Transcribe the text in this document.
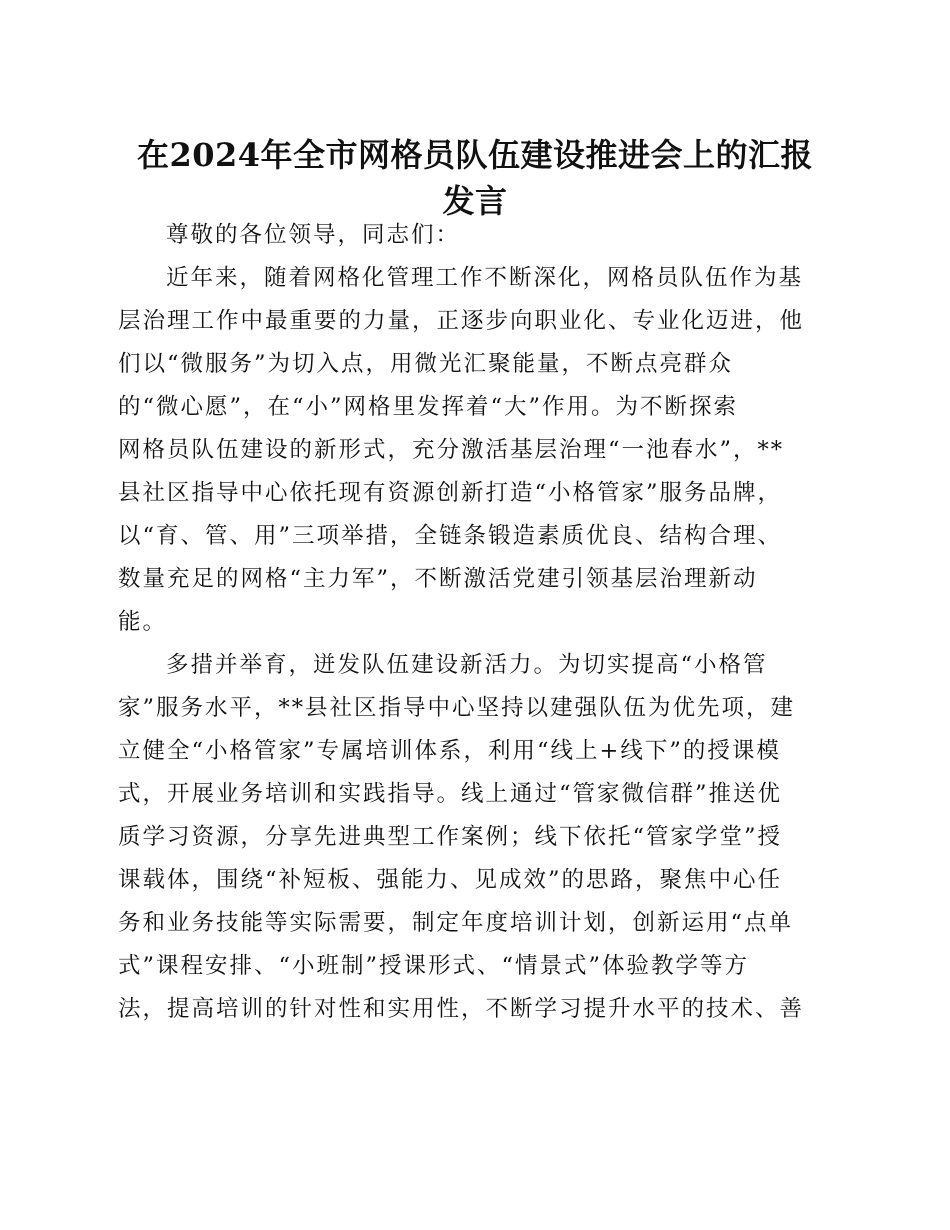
在2024年全市网格员队伍建设推进会上的汇报
发言
尊敬的各位领导，同志们：
近年来，随着网格化管理工作不断深化，网格员队伍作为基
层治理工作中最重要的力量，正逐步向职业化、专业化迈进，他
们以“微服务”为切入点，用微光汇聚能量，不断点亮群众
的“微心愿”，在“小”网格里发挥着“大”作用。为不断探索
网格员队伍建设的新形式，充分激活基层治理“一池春水”，**
县社区指导中心依托现有资源创新打造“小格管家”服务品牌，
以“育、管、用”三项举措，全链条锻造素质优良、结构合理、
数量充足的网格“主力军”，不断激活党建引领基层治理新动
能。
多措并举育，迸发队伍建设新活力。为切实提高“小格管
家”服务水平，**县社区指导中心坚持以建强队伍为优先项，建
立健全“小格管家”专属培训体系，利用“线上+线下”的授课模
式，开展业务培训和实践指导。线上通过“管家微信群”推送优
质学习资源，分享先进典型工作案例；线下依托“管家学堂”授
课载体，围绕“补短板、强能力、见成效”的思路，聚焦中心任
务和业务技能等实际需要，制定年度培训计划，创新运用“点单
式”课程安排、“小班制”授课形式、“情景式”体验教学等方
法，提高培训的针对性和实用性，不断学习提升水平的技术、善
